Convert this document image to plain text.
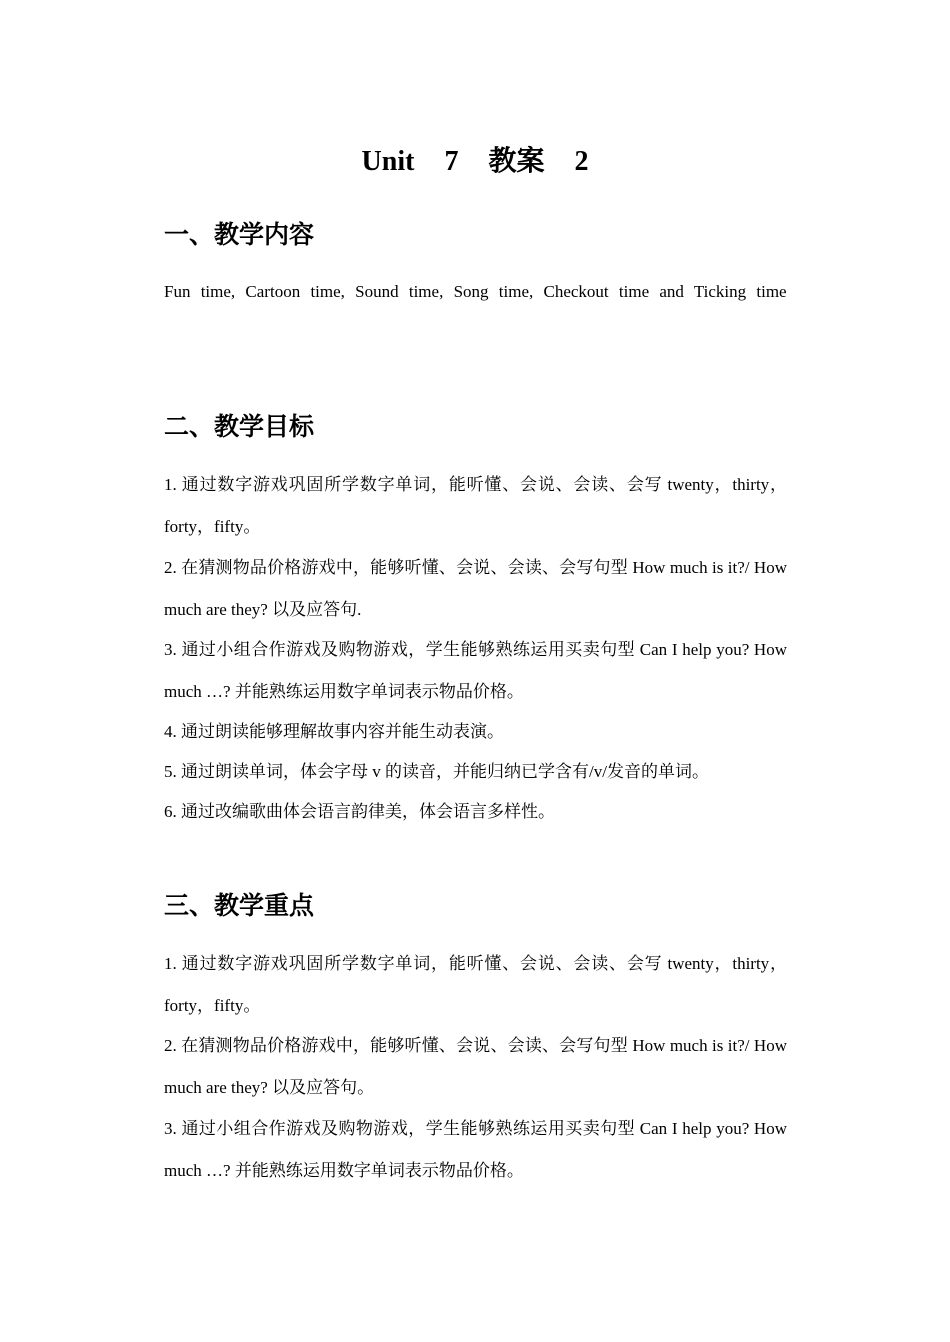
Unit  7  教案  2
一、教学内容
Fun time, Cartoon time, Sound time, Song time, Checkout time and Ticking time
二、教学目标
1. 通过数字游戏巩固所学数字单词，能听懂、会说、会读、会写 twenty，thirty，forty，fifty。
2. 在猜测物品价格游戏中，能够听懂、会说、会读、会写句型 How much is it?/ How much are they? 以及应答句.
3. 通过小组合作游戏及购物游戏，学生能够熟练运用买卖句型 Can I help you? How much …? 并能熟练运用数字单词表示物品价格。
4. 通过朗读能够理解故事内容并能生动表演。
5. 通过朗读单词，体会字母 v 的读音，并能归纳已学含有/v/发音的单词。
6. 通过改编歌曲体会语言韵律美，体会语言多样性。
三、教学重点
1. 通过数字游戏巩固所学数字单词，能听懂、会说、会读、会写 twenty，thirty，forty，fifty。
2. 在猜测物品价格游戏中，能够听懂、会说、会读、会写句型 How much is it?/ How much are they? 以及应答句。
3. 通过小组合作游戏及购物游戏，学生能够熟练运用买卖句型 Can I help you? How much …? 并能熟练运用数字单词表示物品价格。
